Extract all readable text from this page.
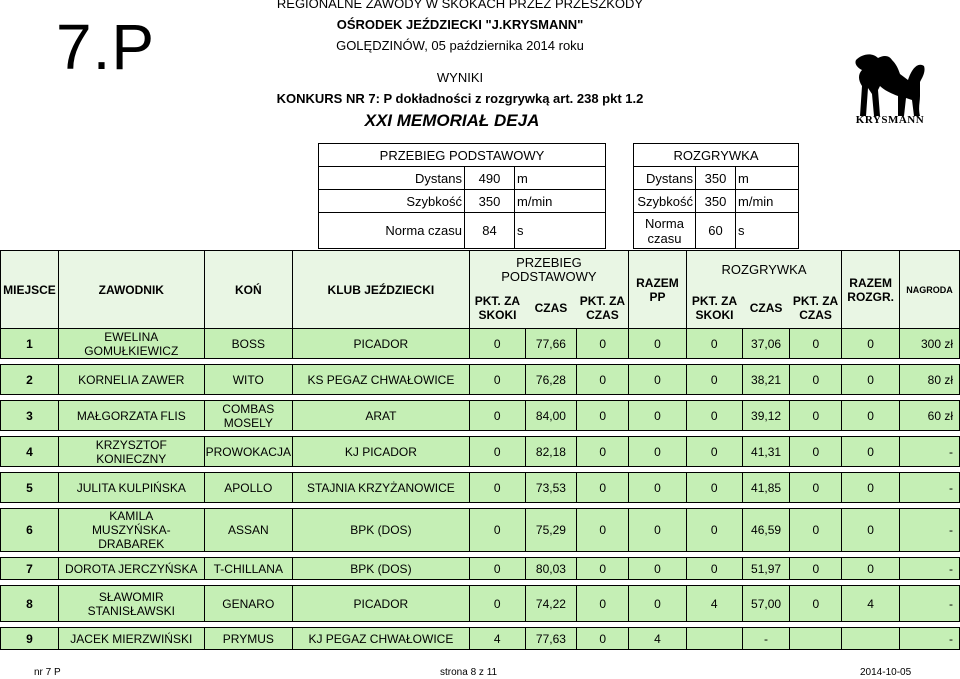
7.P
REGIONALNE ZAWODY W SKOKACH PRZEZ PRZESZKODY
OŚRODEK JEŹDZIECKI "J.KRYSMANN"
GOLĘDZINÓW, 05 października 2014 roku
WYNIKI
KONKURS NR 7: P dokładności z rozgrywką art. 238 pkt 1.2
XXI MEMORIAŁ DEJA	KRYSMANN
PRZEBIEG PODSTAWOWY		
Dystans	490	m
Szybkość	350	m/min
Norma czasu	84	s
ROZGRYWKA		
Dystans	350	m
Szybkość	350	m/min
Norma czasu	60	s
MIEJSCE	ZAWODNIK	KOŃ	KLUB JEŹDZIECKI	PRZEBIEG PODSTAWOWY			RAZEM PP	ROZGRYWKA			RAZEM ROZGR.	NAGRODA
				PKT. ZA SKOKI	CZAS	PKT. ZA CZAS		PKT. ZA SKOKI	CZAS	PKT. ZA CZAS		
1	EWELINA GOMUŁKIEWICZ	BOSS	PICADOR	0	77,66	0	0	0	37,06	0	0	300 zł

2	KORNELIA ZAWER	WITO	KS PEGAZ CHWAŁOWICE	0	76,28	0	0	0	38,21	0	0	80 zł

3	MAŁGORZATA FLIS	COMBAS MOSELY	ARAT	0	84,00	0	0	0	39,12	0	0	60 zł

4	KRZYSZTOF KONIECZNY	PROWOKACJA	KJ PICADOR	0	82,18	0	0	0	41,31	0	0	-

5	JULITA KULPIŃSKA	APOLLO	STAJNIA KRZYŻANOWICE	0	73,53	0	0	0	41,85	0	0	-

6	KAMILA MUSZYŃSKA-DRABAREK	ASSAN	BPK (DOS)	0	75,29	0	0	0	46,59	0	0	-

7	DOROTA JERCZYŃSKA	T-CHILLANA	BPK (DOS)	0	80,03	0	0	0	51,97	0	0	-

8	SŁAWOMIR STANISŁAWSKI	GENARO	PICADOR	0	74,22	0	0	4	57,00	0	4	-

9	JACEK MIERZWIŃSKI	PRYMUS	KJ PEGAZ CHWAŁOWICE	4	77,63	0	4		-			-
nr 7 P	strona 8 z 11	2014-10-05
